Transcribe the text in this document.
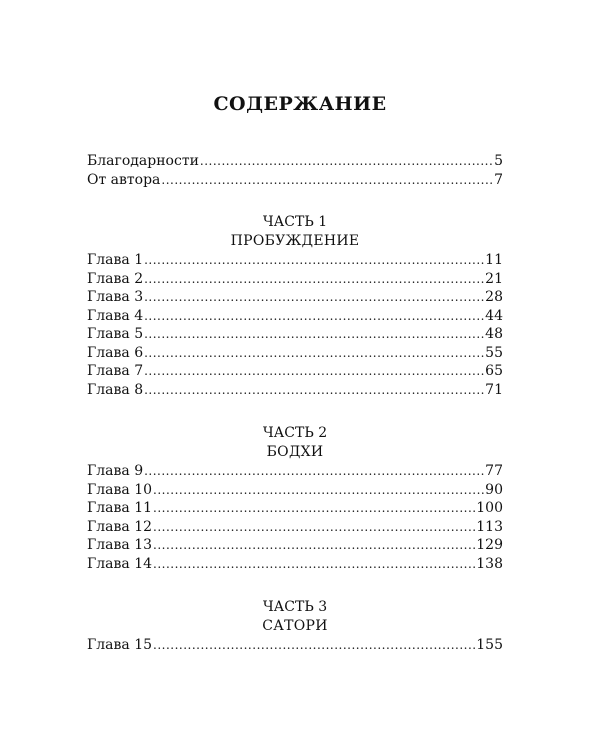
СОДЕРЖАНИЕ
Благодарности .....	5
От автора .....	7
ЧАСТЬ 1
ПРОБУЖДЕНИЕ
Глава 1 .....	11
Глава 2 .....	21
Глава 3 .....	28
Глава 4 .....	44
Глава 5 .....	48
Глава 6 .....	55
Глава 7 .....	65
Глава 8 .....	71
ЧАСТЬ 2
БОДХИ
Глава 9 .....	77
Глава 10 .....	90
Глава 11 .....	100
Глава 12 .....	113
Глава 13 .....	129
Глава 14 .....	138
ЧАСТЬ 3
САТОРИ
Глава 15 .....	155
